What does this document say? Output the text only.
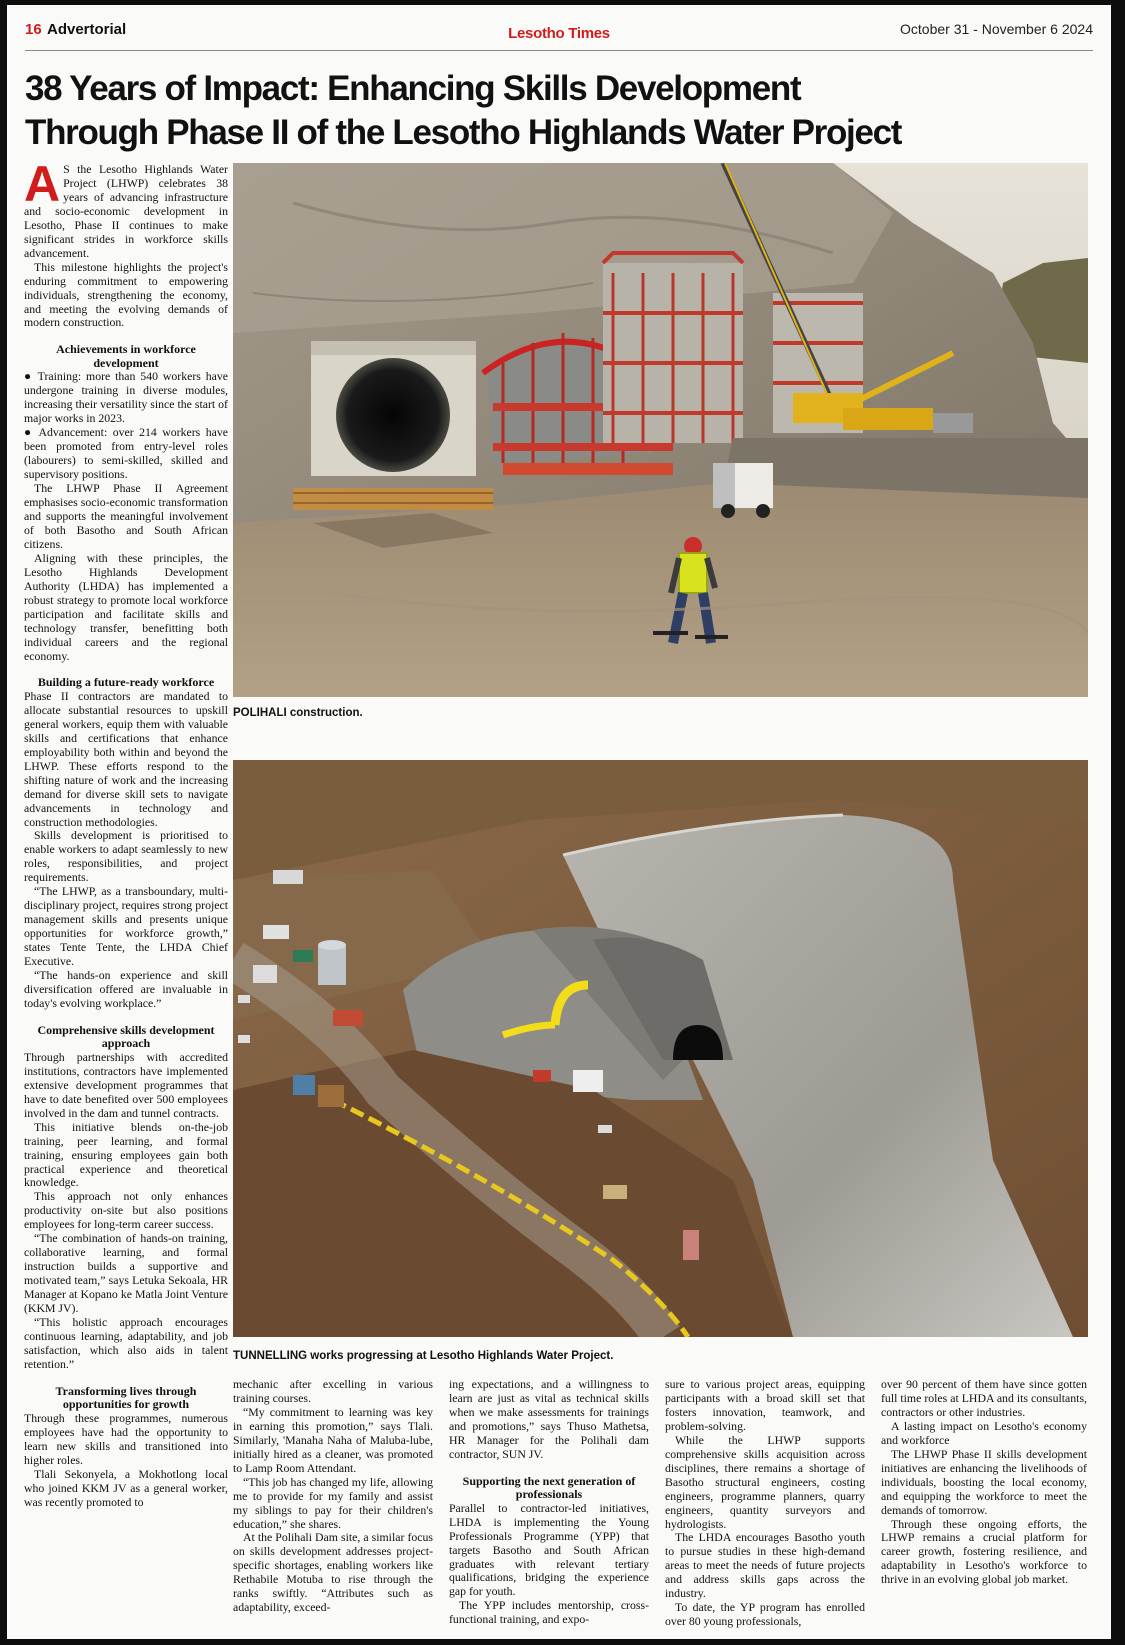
16 Advertorial	Lesotho Times	October 31 - November 6 2024
38 Years of Impact: Enhancing Skills Development
Through Phase II of the Lesotho Highlands Water Project

A S the Lesotho Highlands Water Project (LHWP) celebrates 38 years of advancing infrastructure and socio-economic development in Lesotho, Phase II continues to make significant strides in workforce skills advancement.

This milestone highlights the project's enduring commitment to empowering individuals, strengthening the economy, and meeting the evolving demands of modern construction.

Achievements in workforce development

● Training: more than 540 workers have undergone training in diverse modules, increasing their versatility since the start of major works in 2023.

● Advancement: over 214 workers have been promoted from entry-level roles (labourers) to semi-skilled, skilled and supervisory positions.

The LHWP Phase II Agreement emphasises socio-economic transformation and supports the meaningful involvement of both Basotho and South African citizens.

Aligning with these principles, the Lesotho Highlands Development Authority (LHDA) has implemented a robust strategy to promote local workforce participation and facilitate skills and technology transfer, benefitting both individual careers and the regional economy.

Building a future-ready workforce

Phase II contractors are mandated to allocate substantial resources to upskill general workers, equip them with valuable skills and certifications that enhance employability both within and beyond the LHWP. These efforts respond to the shifting nature of work and the increasing demand for diverse skill sets to navigate advancements in technology and construction methodologies.

Skills development is prioritised to enable workers to adapt seamlessly to new roles, responsibilities, and project requirements.

“The LHWP, as a transboundary, multi-disciplinary project, requires strong project management skills and presents unique opportunities for workforce growth,” states Tente Tente, the LHDA Chief Executive.

“The hands-on experience and skill diversification offered are invaluable in today's evolving workplace.”

Comprehensive skills development approach

Through partnerships with accredited institutions, contractors have implemented extensive development programmes that have to date benefited over 500 employees involved in the dam and tunnel contracts.

This initiative blends on-the-job training, peer learning, and formal training, ensuring employees gain both practical experience and theoretical knowledge.

This approach not only enhances productivity on-site but also positions employees for long-term career success.

“The combination of hands-on training, collaborative learning, and formal instruction builds a supportive and motivated team,” says Letuka Sekoala, HR Manager at Kopano ke Matla Joint Venture (KKM JV).

“This holistic approach encourages continuous learning, adaptability, and job satisfaction, which also aids in talent retention.”

Transforming lives through opportunities for growth

Through these programmes, numerous employees have had the opportunity to learn new skills and transitioned into higher roles.

Tlali Sekonyela, a Mokhotlong local who joined KKM JV as a general worker, was recently promoted to

POLIHALI construction.
TUNNELLING works progressing at Lesotho Highlands Water Project.

mechanic after excelling in various training courses.

“My commitment to learning was key in earning this promotion,” says Tlali. Similarly, 'Manaha Naha of Maluba-lube, initially hired as a cleaner, was promoted to Lamp Room Attendant.

“This job has changed my life, allowing me to provide for my family and assist my siblings to pay for their children's education,” she shares.

At the Polihali Dam site, a similar focus on skills development addresses project-specific shortages, enabling workers like Rethabile Motuba to rise through the ranks swiftly. “Attributes such as adaptability, exceed-

ing expectations, and a willingness to learn are just as vital as technical skills when we make assessments for trainings and promotions,” says Thuso Mathetsa, HR Manager for the Polihali dam contractor, SUN JV.

Supporting the next generation of professionals

Parallel to contractor-led initiatives, LHDA is implementing the Young Professionals Programme (YPP) that targets Basotho and South African graduates with relevant tertiary qualifications, bridging the experience gap for youth.

The YPP includes mentorship, cross-functional training, and expo-

sure to various project areas, equipping participants with a broad skill set that fosters innovation, teamwork, and problem-solving.

While the LHWP supports comprehensive skills acquisition across disciplines, there remains a shortage of Basotho structural engineers, costing engineers, programme planners, quarry engineers, quantity surveyors and hydrologists.

The LHDA encourages Basotho youth to pursue studies in these high-demand areas to meet the needs of future projects and address skills gaps across the industry.

To date, the YP program has enrolled over 80 young professionals,

over 90 percent of them have since gotten full time roles at LHDA and its consultants, contractors or other industries.

A lasting impact on Lesotho's economy and workforce

The LHWP Phase II skills development initiatives are enhancing the livelihoods of individuals, boosting the local economy, and equipping the workforce to meet the demands of tomorrow.

Through these ongoing efforts, the LHWP remains a crucial platform for career growth, fostering resilience, and adaptability in Lesotho's workforce to thrive in an evolving global job market.
